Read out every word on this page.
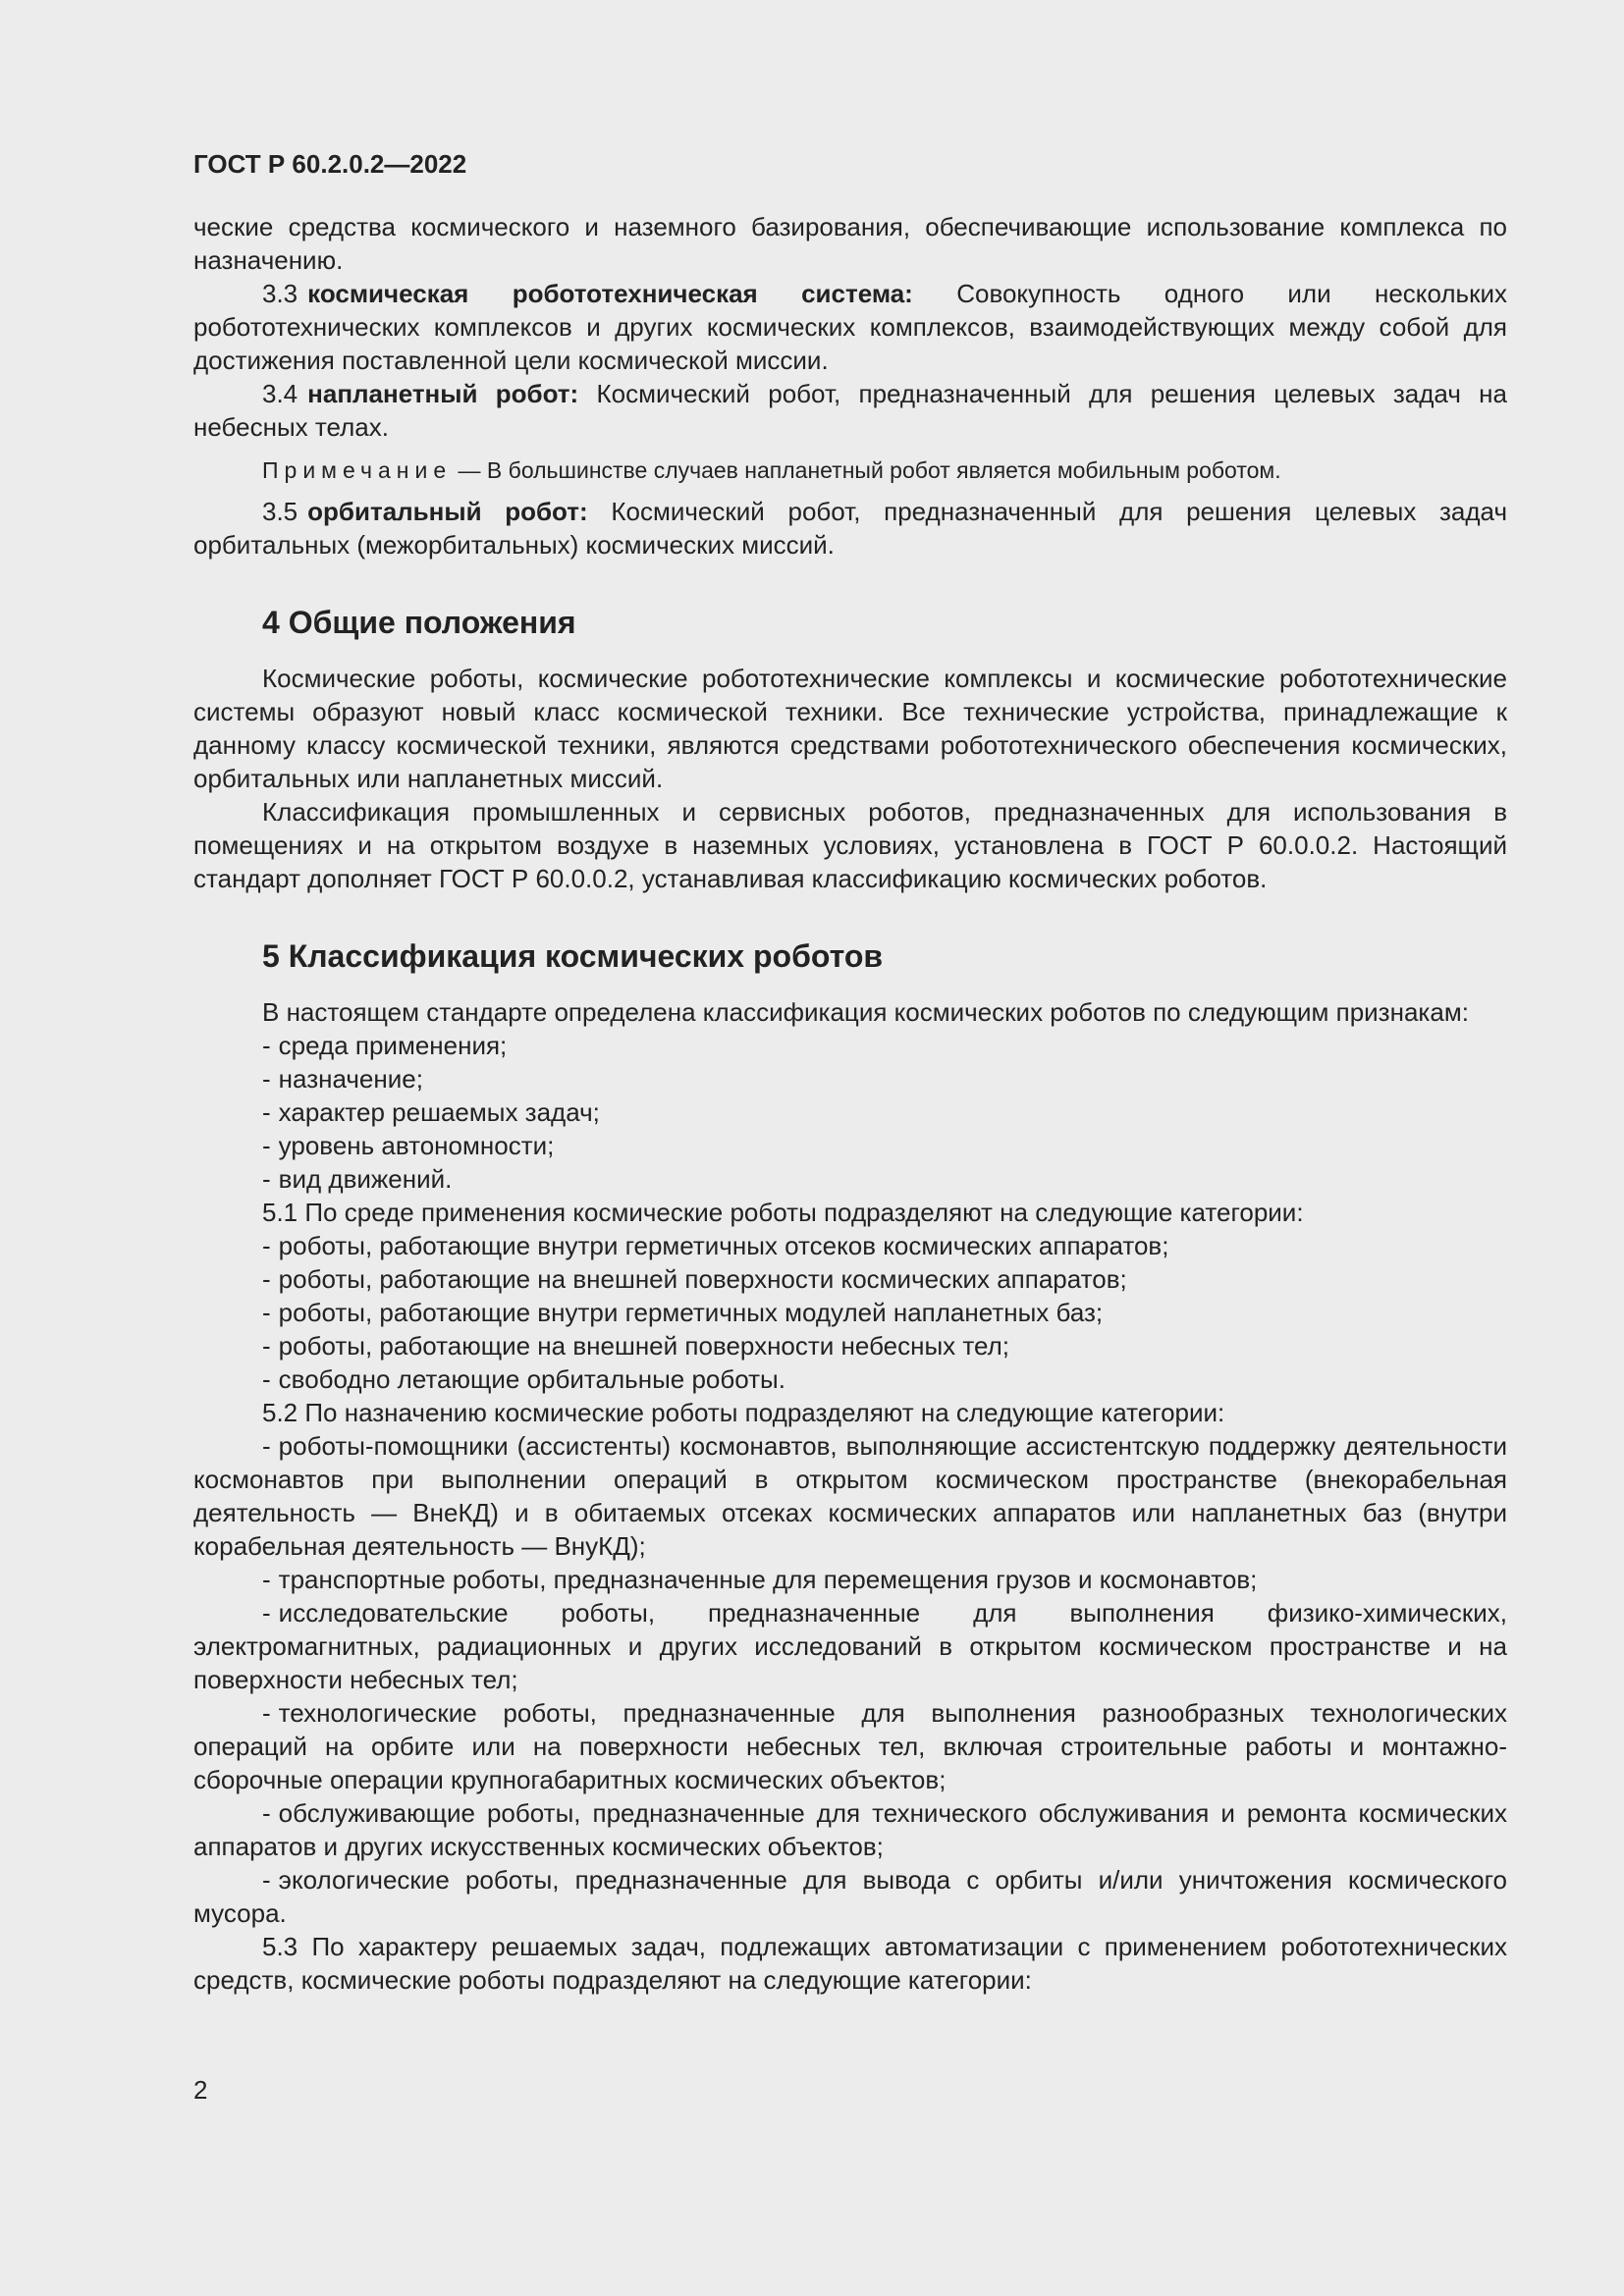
ГОСТ Р 60.2.0.2—2022

ческие средства космического и наземного базирования, обеспечивающие использование комплекса по назначению.

3.3 космическая робототехническая система: Совокупность одного или нескольких робототехнических комплексов и других космических комплексов, взаимодействующих между собой для достижения поставленной цели космической миссии.

3.4 напланетный робот: Космический робот, предназначенный для решения целевых задач на небесных телах.

Примечание — В большинстве случаев напланетный робот является мобильным роботом.

3.5 орбитальный робот: Космический робот, предназначенный для решения целевых задач орбитальных (межорбитальных) космических миссий.

4 Общие положения

Космические роботы, космические робототехнические комплексы и космические робототехнические системы образуют новый класс космической техники. Все технические устройства, принадлежащие к данному классу космической техники, являются средствами робототехнического обеспечения космических, орбитальных или напланетных миссий.

Классификация промышленных и сервисных роботов, предназначенных для использования в помещениях и на открытом воздухе в наземных условиях, установлена в ГОСТ Р 60.0.0.2. Настоящий стандарт дополняет ГОСТ Р 60.0.0.2, устанавливая классификацию космических роботов.

5 Классификация космических роботов

В настоящем стандарте определена классификация космических роботов по следующим признакам:

- среда применения;
- назначение;
- характер решаемых задач;
- уровень автономности;
- вид движений.

5.1 По среде применения космические роботы подразделяют на следующие категории:

- роботы, работающие внутри герметичных отсеков космических аппаратов;
- роботы, работающие на внешней поверхности космических аппаратов;
- роботы, работающие внутри герметичных модулей напланетных баз;
- роботы, работающие на внешней поверхности небесных тел;
- свободно летающие орбитальные роботы.

5.2 По назначению космические роботы подразделяют на следующие категории:

- роботы-помощники (ассистенты) космонавтов, выполняющие ассистентскую поддержку деятельности космонавтов при выполнении операций в открытом космическом пространстве (внекорабельная деятельность — ВнеКД) и в обитаемых отсеках космических аппаратов или напланетных баз (внутри корабельная деятельность — ВнуКД);

- транспортные роботы, предназначенные для перемещения грузов и космонавтов;

- исследовательские роботы, предназначенные для выполнения физико-химических, электромагнитных, радиационных и других исследований в открытом космическом пространстве и на поверхности небесных тел;

- технологические роботы, предназначенные для выполнения разнообразных технологических операций на орбите или на поверхности небесных тел, включая строительные работы и монтажно-сборочные операции крупногабаритных космических объектов;

- обслуживающие роботы, предназначенные для технического обслуживания и ремонта космических аппаратов и других искусственных космических объектов;

- экологические роботы, предназначенные для вывода с орбиты и/или уничтожения космического мусора.

5.3 По характеру решаемых задач, подлежащих автоматизации с применением робототехнических средств, космические роботы подразделяют на следующие категории:

2
